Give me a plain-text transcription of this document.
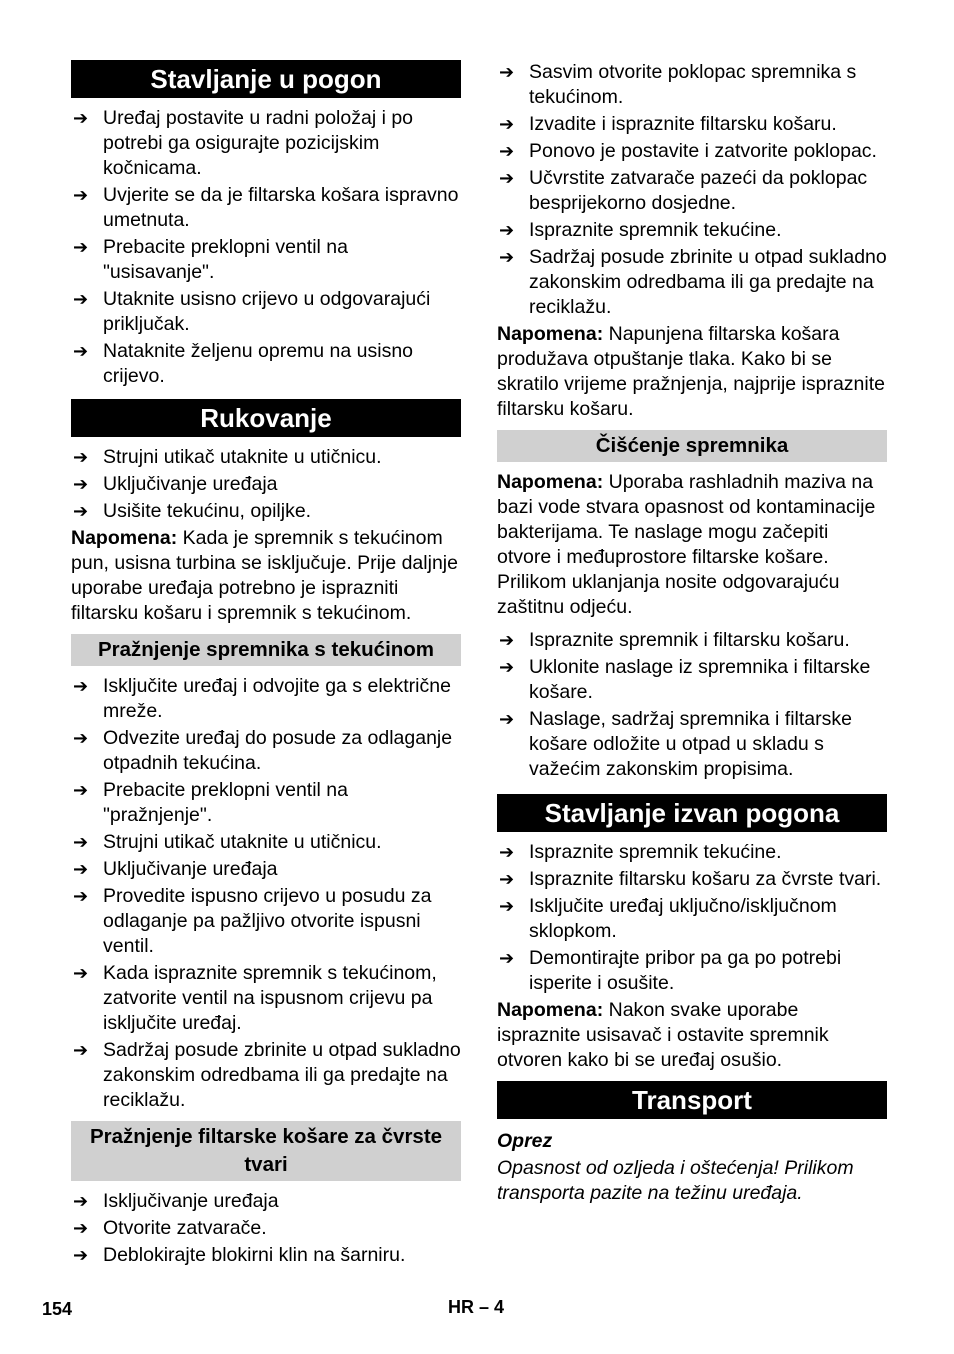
Stavljanje u pogon
➔ Uređaj postavite u radni položaj i po potrebi ga osigurajte pozicijskim kočnicama.
➔ Uvjerite se da je filtarska košara ispravno umetnuta.
➔ Prebacite preklopni ventil na "usisavanje".
➔ Utaknite usisno crijevo u odgovarajući priključak.
➔ Nataknite željenu opremu na usisno crijevo.
Rukovanje
➔ Strujni utikač utaknite u utičnicu.
➔ Uključivanje uređaja
➔ Usišite tekućinu, opiljke.

Napomena: Kada je spremnik s tekućinom pun, usisna turbina se isključuje. Prije daljnje uporabe uređaja potrebno je isprazniti filtarsku košaru i spremnik s tekućinom.

Pražnjenje spremnika s tekućinom
➔ Isključite uređaj i odvojite ga s električne mreže.
➔ Odvezite uređaj do posude za odlaganje otpadnih tekućina.
➔ Prebacite preklopni ventil na "pražnjenje".
➔ Strujni utikač utaknite u utičnicu.
➔ Uključivanje uređaja
➔ Provedite ispusno crijevo u posudu za odlaganje pa pažljivo otvorite ispusni ventil.
➔ Kada ispraznite spremnik s tekućinom, zatvorite ventil na ispusnom crijevu pa isključite uređaj.
➔ Sadržaj posude zbrinite u otpad sukladno zakonskim odredbama ili ga predajte na reciklažu.
Pražnjenje filtarske košare za čvrste tvari
➔ Isključivanje uređaja
➔ Otvorite zatvarače.
➔ Deblokirajte blokirni klin na šarniru.
➔ Sasvim otvorite poklopac spremnika s tekućinom.
➔ Izvadite i ispraznite filtarsku košaru.
➔ Ponovo je postavite i zatvorite poklopac.
➔ Učvrstite zatvarače pazeći da poklopac besprijekorno dosjedne.
➔ Ispraznite spremnik tekućine.
➔ Sadržaj posude zbrinite u otpad sukladno zakonskim odredbama ili ga predajte na reciklažu.

Napomena: Napunjena filtarska košara produžava otpuštanje tlaka. Kako bi se skratilo vrijeme pražnjenja, najprije ispraznite filtarsku košaru.

Čišćenje spremnika

Napomena: Uporaba rashladnih maziva na bazi vode stvara opasnost od kontaminacije bakterijama. Te naslage mogu začepiti otvore i međuprostore filtarske košare. Prilikom uklanjanja nosite odgovarajuću zaštitnu odjeću.

➔ Ispraznite spremnik i filtarsku košaru.
➔ Uklonite naslage iz spremnika i filtarske košare.
➔ Naslage, sadržaj spremnika i filtarske košare odložite u otpad u skladu s važećim zakonskim propisima.
Stavljanje izvan pogona
➔ Ispraznite spremnik tekućine.
➔ Ispraznite filtarsku košaru za čvrste tvari.
➔ Isključite uređaj uključno/isključnom sklopkom.
➔ Demontirajte pribor pa ga po potrebi isperite i osušite.

Napomena: Nakon svake uporabe ispraznite usisavač i ostavite spremnik otvoren kako bi se uređaj osušio.

Transport

Oprez

Opasnost od ozljeda i oštećenja! Prilikom transporta pazite na težinu uređaja.

154	HR – 4
